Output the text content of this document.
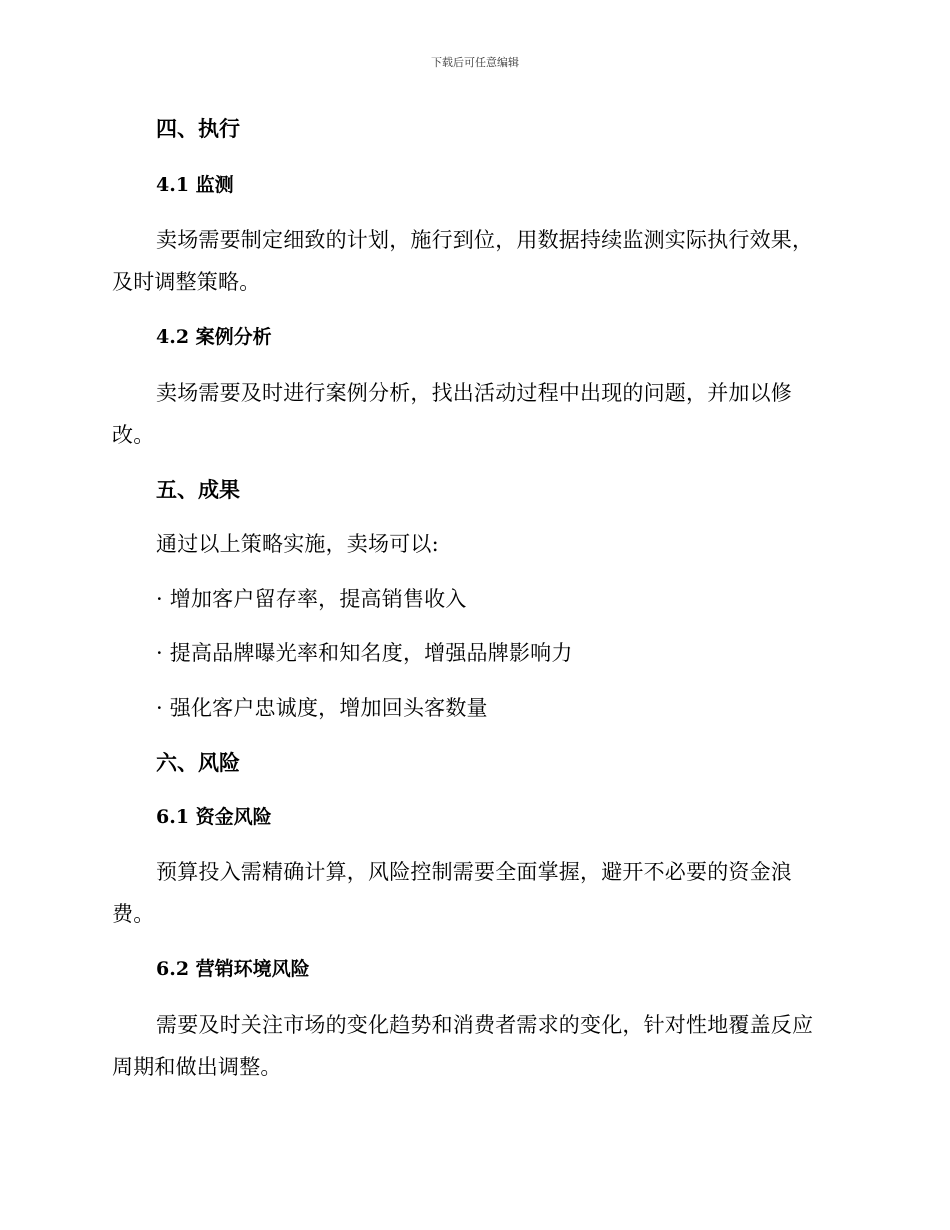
下载后可任意编辑
四、执行
4.1 监测
卖场需要制定细致的计划，施行到位，用数据持续监测实际执行效果，
及时调整策略。
4.2 案例分析
卖场需要及时进行案例分析，找出活动过程中出现的问题，并加以修
改。
五、成果
通过以上策略实施，卖场可以:
· 增加客户留存率，提高销售收入
· 提高品牌曝光率和知名度，增强品牌影响力
· 强化客户忠诚度，增加回头客数量
六、风险
6.1 资金风险
预算投入需精确计算，风险控制需要全面掌握，避开不必要的资金浪
费。
6.2 营销环境风险
需要及时关注市场的变化趋势和消费者需求的变化，针对性地覆盖反应
周期和做出调整。
